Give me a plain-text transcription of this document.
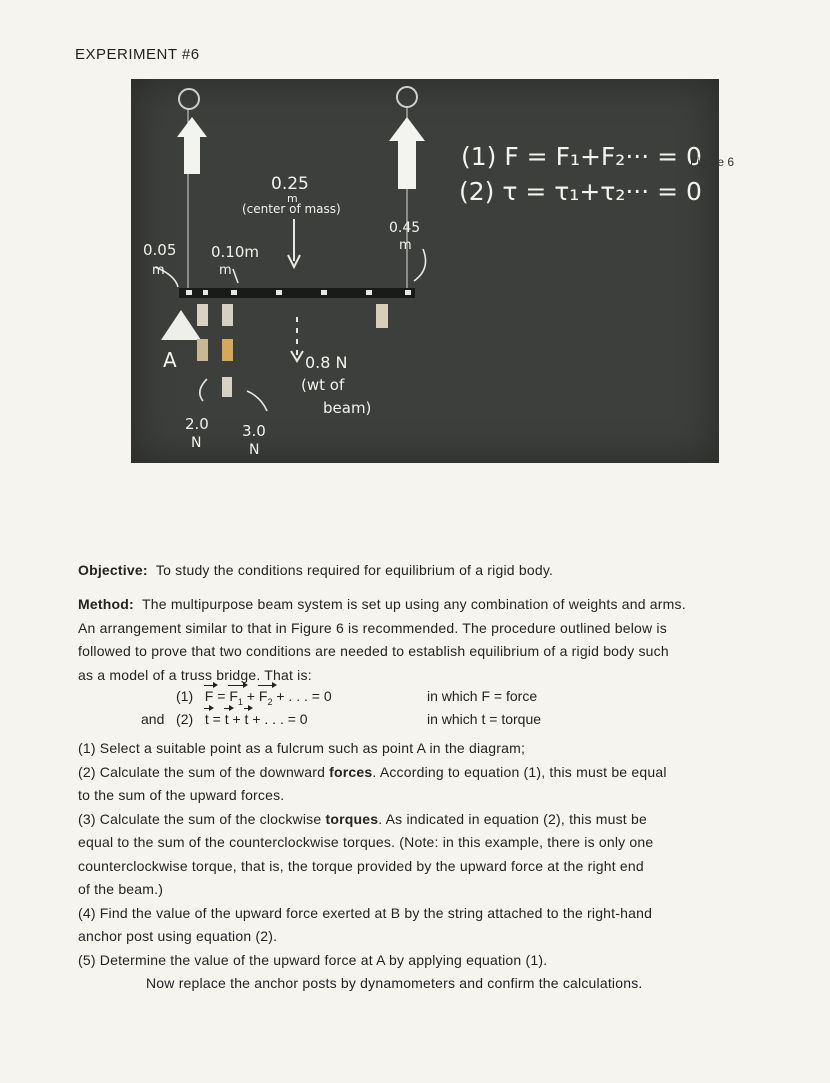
EXPERIMENT #6
(1) F = F₁+F₂··· = 0
(2) τ = τ₁+τ₂··· = 0
0.25
m
(center of mass)
0.05
m
0.10m
m
0.45
m
A	0.8 N
(wt of
beam)
2.0
N
3.0
N
Figure 6
Objective: To study the conditions required for equilibrium of a rigid body.
Method: The multipurpose beam system is set up using any combination of weights and arms.
An arrangement similar to that in Figure 6 is recommended. The procedure outlined below is
followed to prove that two conditions are needed to establish equilibrium of a rigid body such
as a model of a truss bridge. That is:
(1) $F = F_1 + F_2$ + . . . = 0	in which F = force
and (2) t = t + t + . . . = 0	in which t = torque
(1) Select a suitable point as a fulcrum such as point A in the diagram;
(2) Calculate the sum of the downward forces. According to equation (1), this must be equal
to the sum of the upward forces.
(3) Calculate the sum of the clockwise torques. As indicated in equation (2), this must be
equal to the sum of the counterclockwise torques. (Note: in this example, there is only one
counterclockwise torque, that is, the torque provided by the upward force at the right end
of the beam.)
(4) Find the value of the upward force exerted at B by the string attached to the right-hand
anchor post using equation (2).
(5) Determine the value of the upward force at A by applying equation (1).
Now replace the anchor posts by dynamometers and confirm the calculations.
